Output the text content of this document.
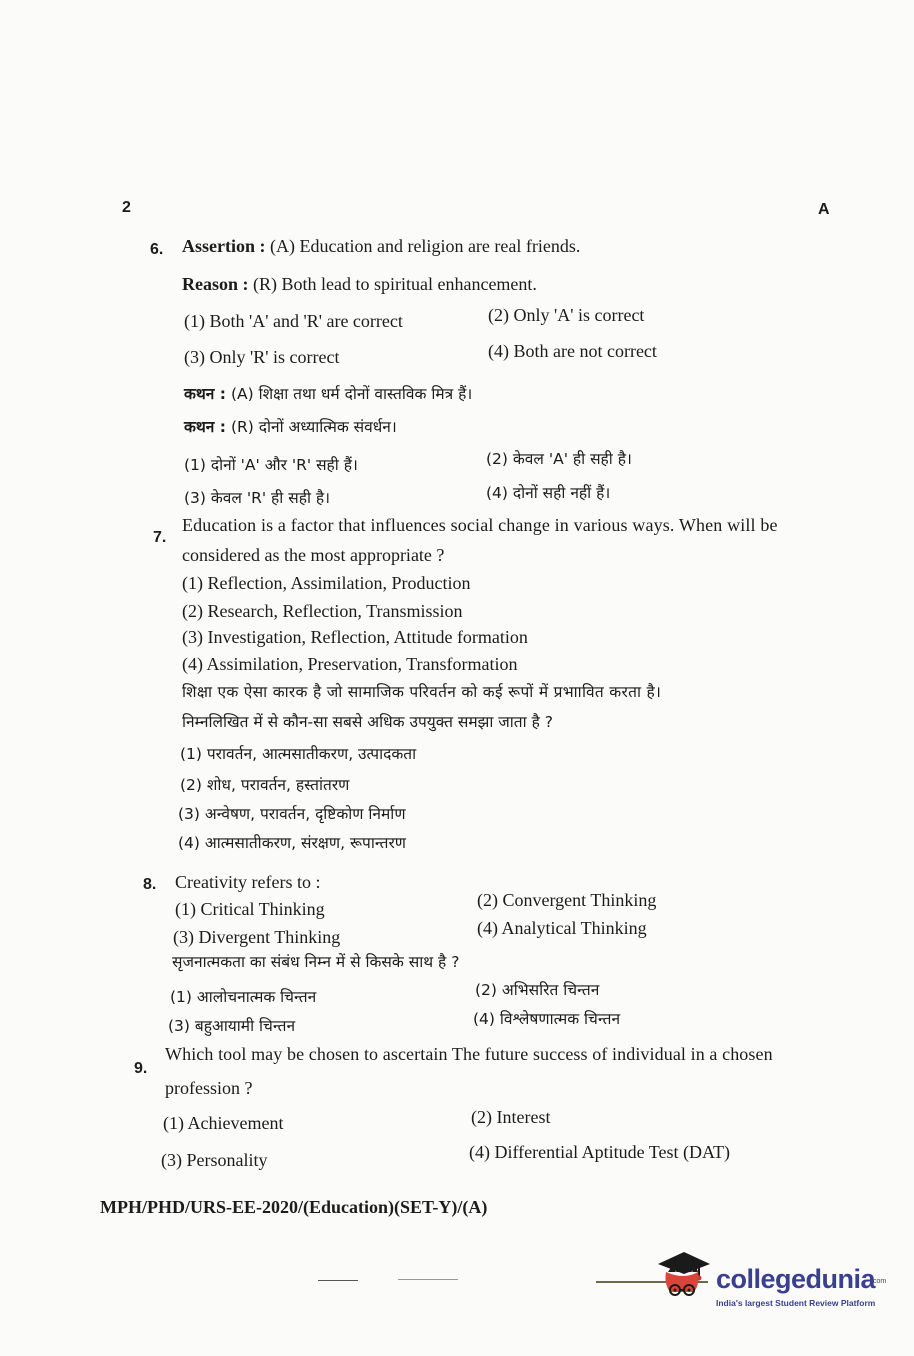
2	A
6. Assertion : (A) Education and religion are real friends.
Reason : (R) Both lead to spiritual enhancement.
(1) Both 'A' and 'R' are correct	(2) Only 'A' is correct
(3) Only 'R' is correct	(4) Both are not correct
कथन : (A) शिक्षा तथा धर्म दोनों वास्तविक मित्र हैं।
कथन : (R) दोनों अध्यात्मिक संवर्धन।
(1) दोनों 'A' और 'R' सही हैं।	(2) केवल 'A' ही सही है।
(3) केवल 'R' ही सही है।	(4) दोनों सही नहीं हैं।
7.
Education is a factor that influences social change in various ways. When will be
considered as the most appropriate ?
(1) Reflection, Assimilation, Production
(2) Research, Reflection, Transmission
(3) Investigation, Reflection, Attitude formation
(4) Assimilation, Preservation, Transformation
शिक्षा एक ऐसा कारक है जो सामाजिक परिवर्तन को कई रूपों में प्रभाावित करता है।
निम्नलिखित में से कौन-सा सबसे अधिक उपयुक्त समझा जाता है ?
(1) परावर्तन, आत्मसातीकरण, उत्पादकता
(2) शोध, परावर्तन, हस्तांतरण
(3) अन्वेषण, परावर्तन, दृष्टिकोण निर्माण
(4) आत्मसातीकरण, संरक्षण, रूपान्तरण
8. Creativity refers to :
(1) Critical Thinking	(2) Convergent Thinking
(3) Divergent Thinking	(4) Analytical Thinking
सृजनात्मकता का संबंध निम्न में से किसके साथ है ?
(1) आलोचनात्मक चिन्तन	(2) अभिसरित चिन्तन
(3) बहुआयामी चिन्तन	(4) विश्लेषणात्मक चिन्तन
9.
Which tool may be chosen to ascertain The future success of individual in a chosen
profession ?
(1) Achievement	(2) Interest
(3) Personality	(4) Differential Aptitude Test (DAT)
MPH/PHD/URS-EE-2020/(Education)(SET-Y)/(A)
collegedunia
.com
India's largest Student Review Platform
